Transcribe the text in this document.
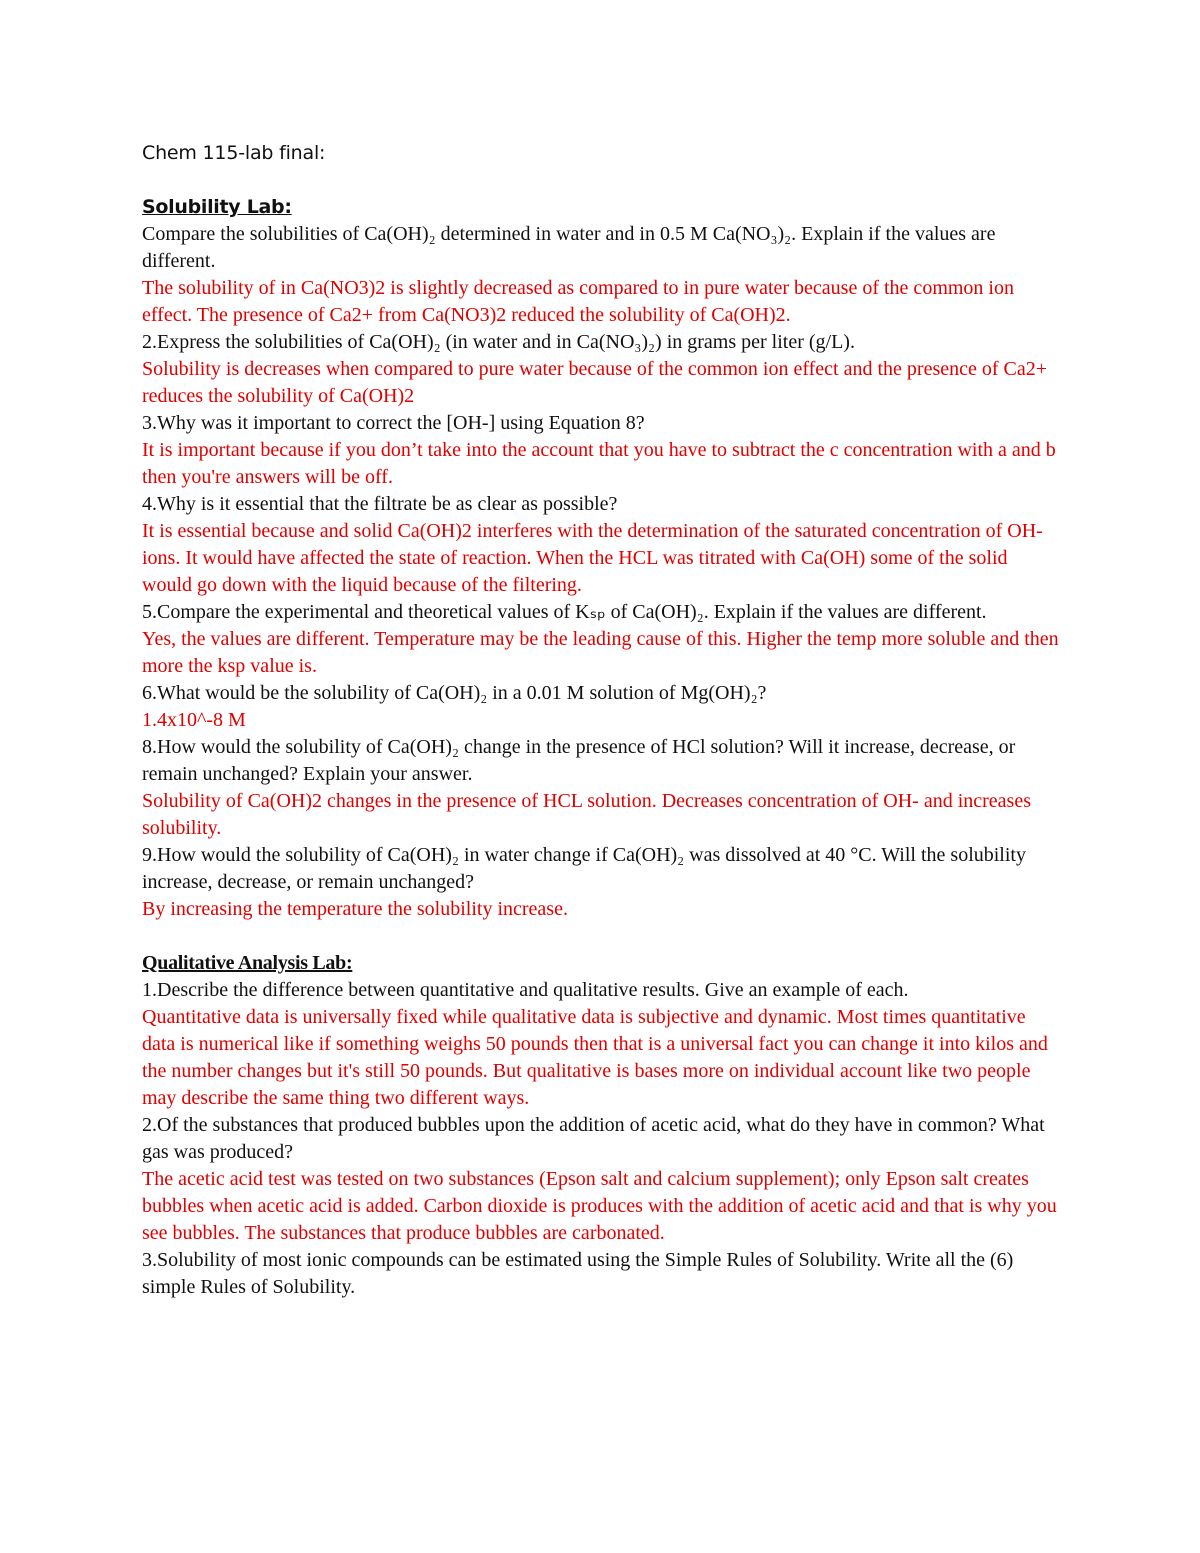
Chem 115-lab final:
Solubility Lab:

Compare the solubilities of Ca(OH)₂ determined in water and in 0.5 M Ca(NO₃)₂. Explain if the values are different.

The solubility of in Ca(NO3)2 is slightly decreased as compared to in pure water because of the common ion effect. The presence of Ca2+ from Ca(NO3)2 reduced the solubility of Ca(OH)2.

2.Express the solubilities of Ca(OH)₂ (in water and in Ca(NO₃)₂) in grams per liter (g/L).

Solubility is decreases when compared to pure water because of the common ion effect and the presence of Ca2+ reduces the solubility of Ca(OH)2

3.Why was it important to correct the [OH-] using Equation 8?

It is important because if you don’t take into the account that you have to subtract the c concentration with a and b then you're answers will be off.

4.Why is it essential that the filtrate be as clear as possible?

It is essential because and solid Ca(OH)2 interferes with the determination of the saturated concentration of OH- ions. It would have affected the state of reaction. When the HCL was titrated with Ca(OH) some of the solid would go down with the liquid because of the filtering.

5.Compare the experimental and theoretical values of Kₛₚ of Ca(OH)₂. Explain if the values are different.

Yes, the values are different. Temperature may be the leading cause of this. Higher the temp more soluble and then more the ksp value is.

6.What would be the solubility of Ca(OH)₂ in a 0.01 M solution of Mg(OH)₂?

1.4x10^-8 M

8.How would the solubility of Ca(OH)₂ change in the presence of HCl solution? Will it increase, decrease, or remain unchanged? Explain your answer.

Solubility of Ca(OH)2 changes in the presence of HCL solution. Decreases concentration of OH- and increases solubility.

9.How would the solubility of Ca(OH)₂ in water change if Ca(OH)₂ was dissolved at 40 °C. Will the solubility increase, decrease, or remain unchanged?

By increasing the temperature the solubility increase.

Qualitative Analysis Lab:

1.Describe the difference between quantitative and qualitative results. Give an example of each.

Quantitative data is universally fixed while qualitative data is subjective and dynamic. Most times quantitative data is numerical like if something weighs 50 pounds then that is a universal fact you can change it into kilos and the number changes but it's still 50 pounds. But qualitative is bases more on individual account like two people may describe the same thing two different ways.

2.Of the substances that produced bubbles upon the addition of acetic acid, what do they have in common? What gas was produced?

The acetic acid test was tested on two substances (Epson salt and calcium supplement); only Epson salt creates bubbles when acetic acid is added. Carbon dioxide is produces with the addition of acetic acid and that is why you see bubbles. The substances that produce bubbles are carbonated.

3.Solubility of most ionic compounds can be estimated using the Simple Rules of Solubility. Write all the (6) simple Rules of Solubility.
